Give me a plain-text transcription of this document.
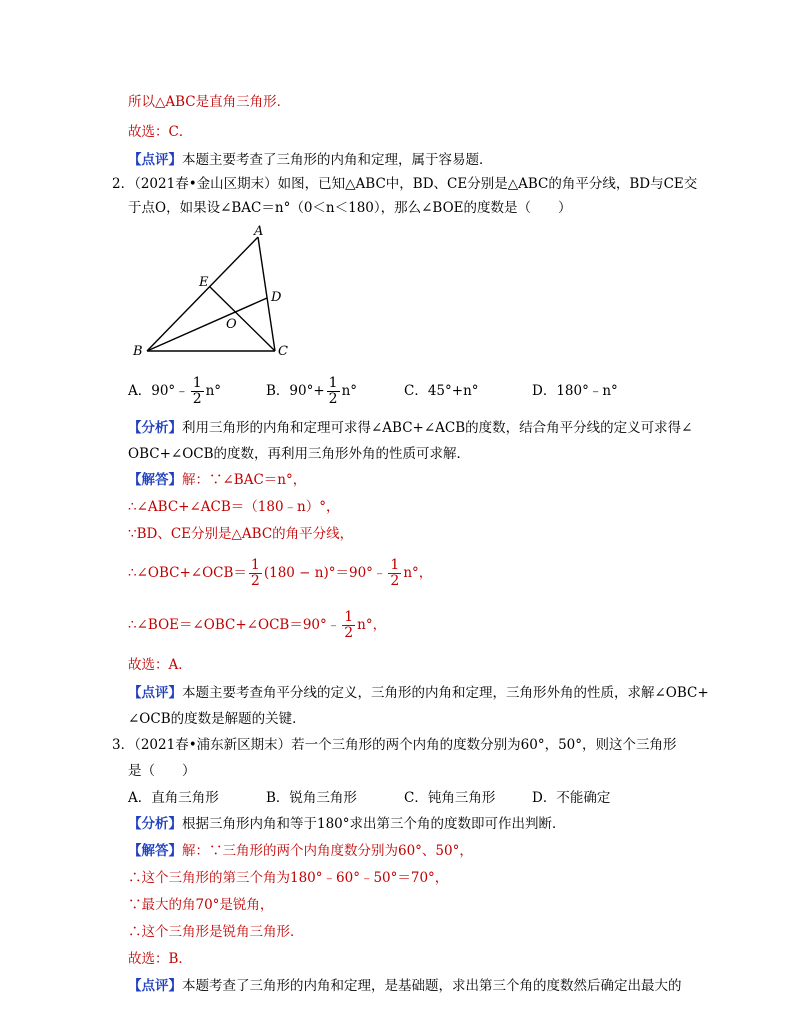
所以△ABC是直角三角形．
故选：C．
【点评】本题主要考查了三角形的内角和定理，属于容易题．
2．（2021春•金山区期末）如图，已知△ABC中，BD、CE分别是△ABC的角平分线，BD与CE交
于点O，如果设∠BAC＝n°（0＜n＜180），那么∠BOE的度数是（　　）
A
B	C
D
E
O
A．90°﹣ $\frac{1}{2} n^\circ$	B．$90^\circ+ \frac{1}{2} n^\circ$	C．45°+n°	D．180°﹣n°
【分析】利用三角形的内角和定理可求得∠ABC+∠ACB的度数，结合角平分线的定义可求得∠
OBC+∠OCB的度数，再利用三角形外角的性质可求解．
【解答】解：∵∠BAC＝n°，
∴∠ABC+∠ACB＝（180﹣n）°，
∵BD、CE分别是△ABC的角平分线，
∴∠OBC+∠OCB＝ $\frac{1}{2} (180$ − n)°＝90°﹣ $\frac{1}{2} n^\circ$，
∴∠BOE＝∠OBC+∠OCB＝90°﹣ $\frac{1}{2} n^\circ$，
故选：A．
【点评】本题主要考查角平分线的定义，三角形的内角和定理，三角形外角的性质，求解∠OBC+
∠OCB的度数是解题的关键．
3．（2021春•浦东新区期末）若一个三角形的两个内角的度数分别为60°，50°，则这个三角形
是（　　）
A．直角三角形	B．锐角三角形	C．钝角三角形	D．不能确定
【分析】根据三角形内角和等于180°求出第三个角的度数即可作出判断．
【解答】解：∵三角形的两个内角度数分别为60°、50°，
∴这个三角形的第三个角为180°﹣60°﹣50°＝70°，
∵最大的角70°是锐角，
∴这个三角形是锐角三角形．
故选：B．
【点评】本题考查了三角形的内角和定理，是基础题，求出第三个角的度数然后确定出最大的
